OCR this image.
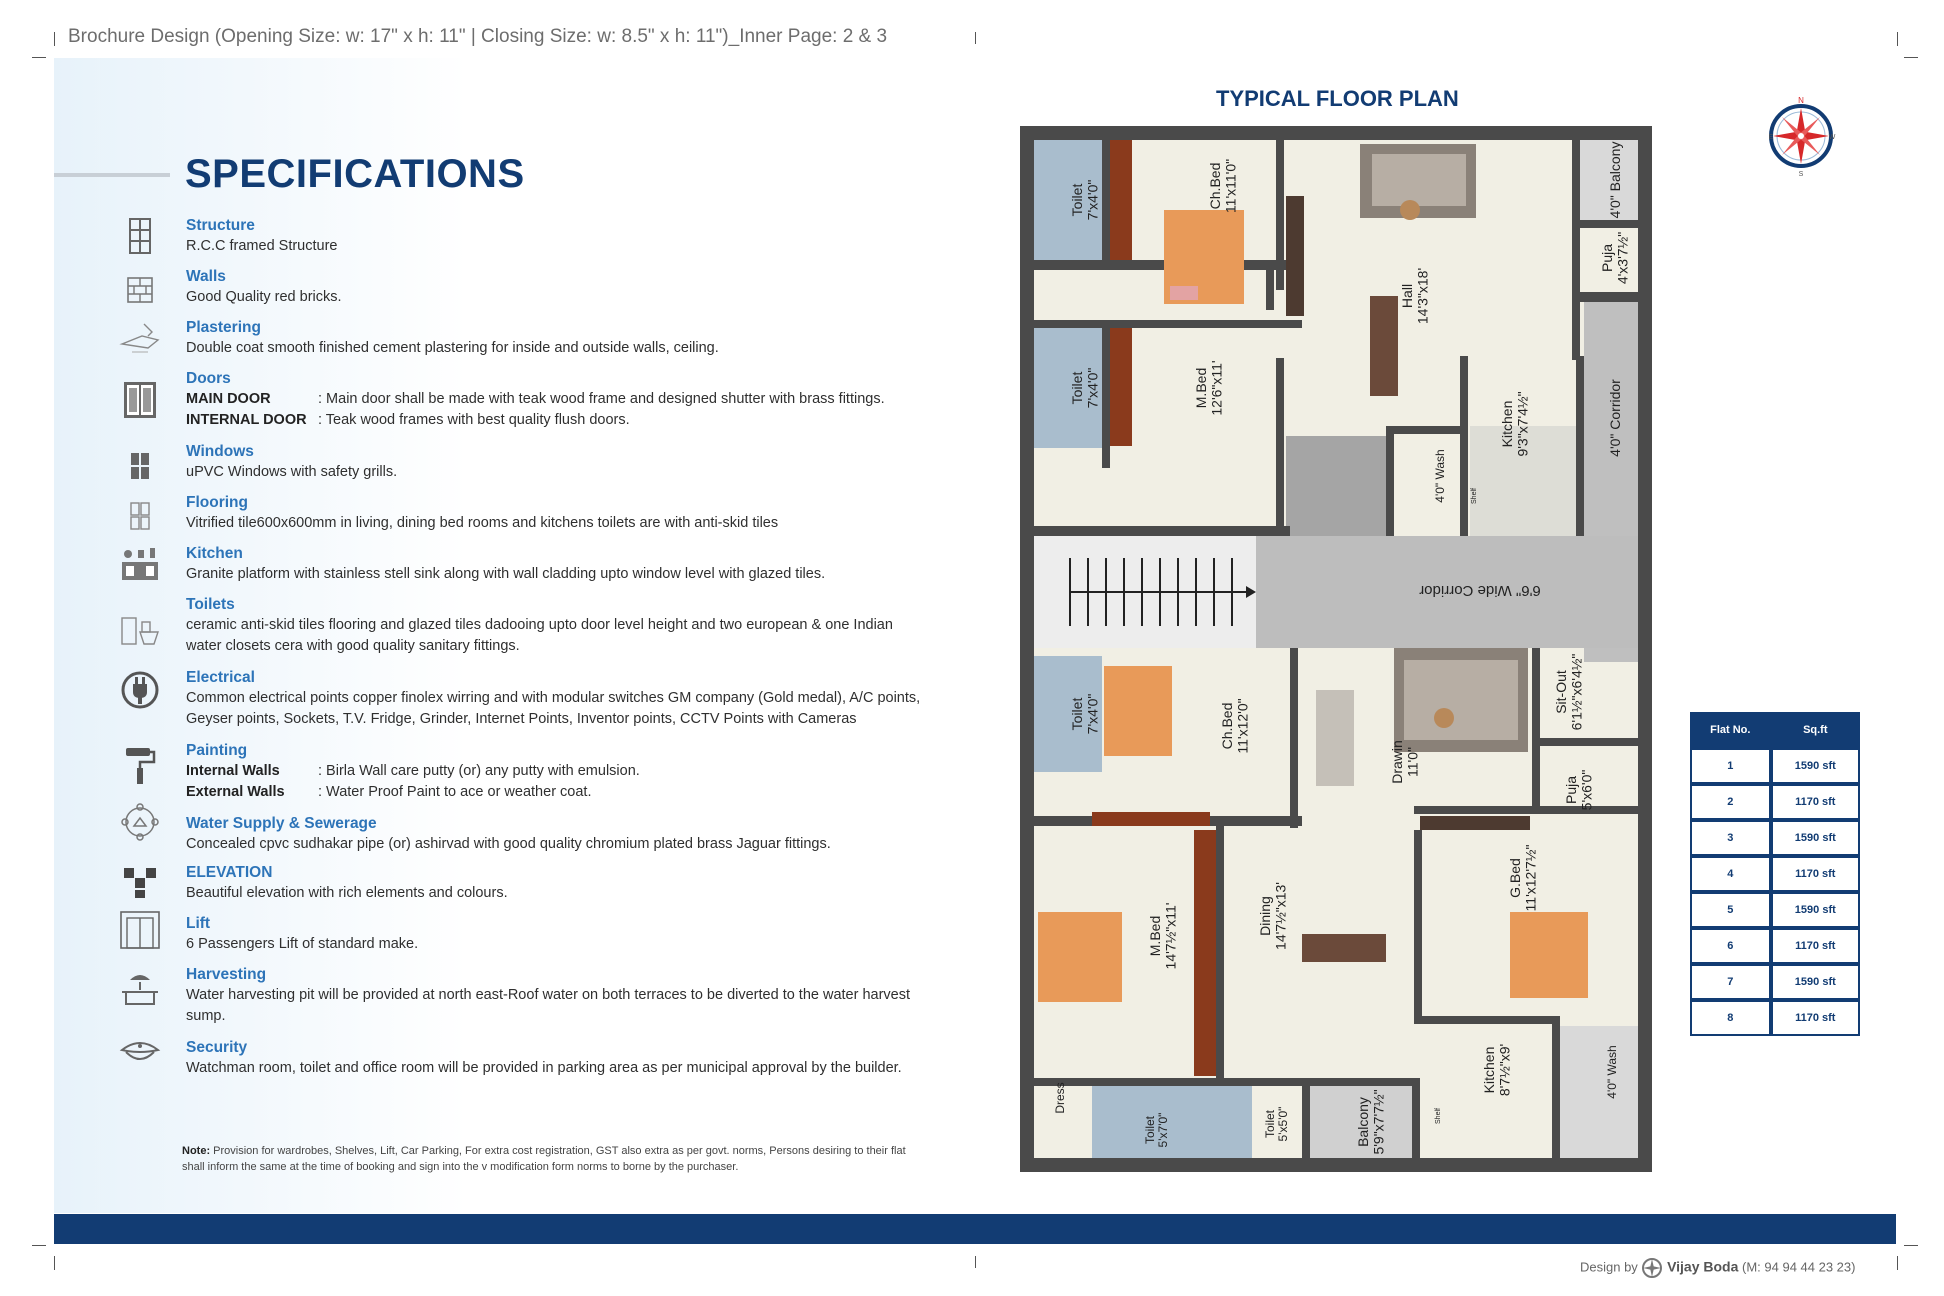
Brochure Design (Opening Size: w: 17" x h: 11" | Closing Size: w: 8.5" x h: 11")_Inner Page: 2 & 3
SPECIFICATIONS
Structure
R.C.C framed Structure
Walls
Good Quality red bricks.
Plastering
Double coat smooth finished cement plastering for inside and outside walls, ceiling.
Doors
MAIN DOOR	: Main door shall be made with teak wood frame and designed shutter with brass fittings.
INTERNAL DOOR : Teak wood frames with best quality flush doors.
Windows
uPVC Windows with safety grills.
Flooring
Vitrified tile600x600mm in living, dining bed rooms and kitchens toilets are with anti-skid tiles
Kitchen
Granite platform with stainless stell sink along with wall cladding upto window level with glazed tiles.
Toilets
ceramic anti-skid tiles flooring and glazed tiles dadooing upto door level height and two european & one Indian water closets cera with good quality sanitary fittings.
Electrical
Common electrical points copper finolex wirring and with modular switches GM company (Gold medal), A/C points, Geyser points, Sockets, T.V. Fridge, Grinder, Internet Points, Inventor points, CCTV Points with Cameras
Painting
Internal Walls	: Birla Wall care putty (or) any putty with emulsion.
External Walls : Water Proof Paint to ace or weather coat.
Water Supply & Sewerage
Concealed cpvc sudhakar pipe (or) ashirvad with good quality chromium plated brass Jaguar fittings.
ELEVATION
Beautiful elevation with rich elements and colours.
Lift
6 Passengers Lift of standard make.
Harvesting
Water harvesting pit will be provided at north east-Roof water on both terraces to be diverted to the water harvest sump.
Security
Watchman room, toilet and office room will be provided in parking area as per municipal approval by the builder.
Note: Provision for wardrobes, Shelves, Lift, Car Parking, For extra cost registration, GST also extra as per govt. norms, Persons desiring to their flat shall inform the same at the time of booking and sign into the v modification form norms to borne by the purchaser.
TYPICAL FLOOR PLAN	N
S
E	W
Toilet7'x4'0"	Ch.Bed11'x11'0"	4'0" Balcony
Puja4'x3'7½"
Hall14'3"x18'
Toilet7'x4'0"	M.Bed12'6"x11'
Kitchen9'3"x7'4½"	4'0" Corridor
4'0" Wash	Shelf
6'6" Wide Corridor
Toilet7'x4'0"	Ch.Bed11'x12'0"
Drawin11'0"
Sit-Out6'1½"x6'4½"
Puja5'x6'0"
G.Bed11'x12'7½"
Dining14'7½"x13'
M.Bed14'7½"x11'
Dress
Toilet5'x7'0"	Toilet5'x5'0"	Balcony5'9"x7'7½"	Shelf
Kitchen8'7½"x9'	4'0" Wash
Flat No.	Sq.ft
1	1590 sft
2	1170 sft
3	1590 sft
4	1170 sft
5	1590 sft
6	1170 sft
7	1590 sft
8	1170 sft
Design by Vijay Boda (M: 94 94 44 23 23)
